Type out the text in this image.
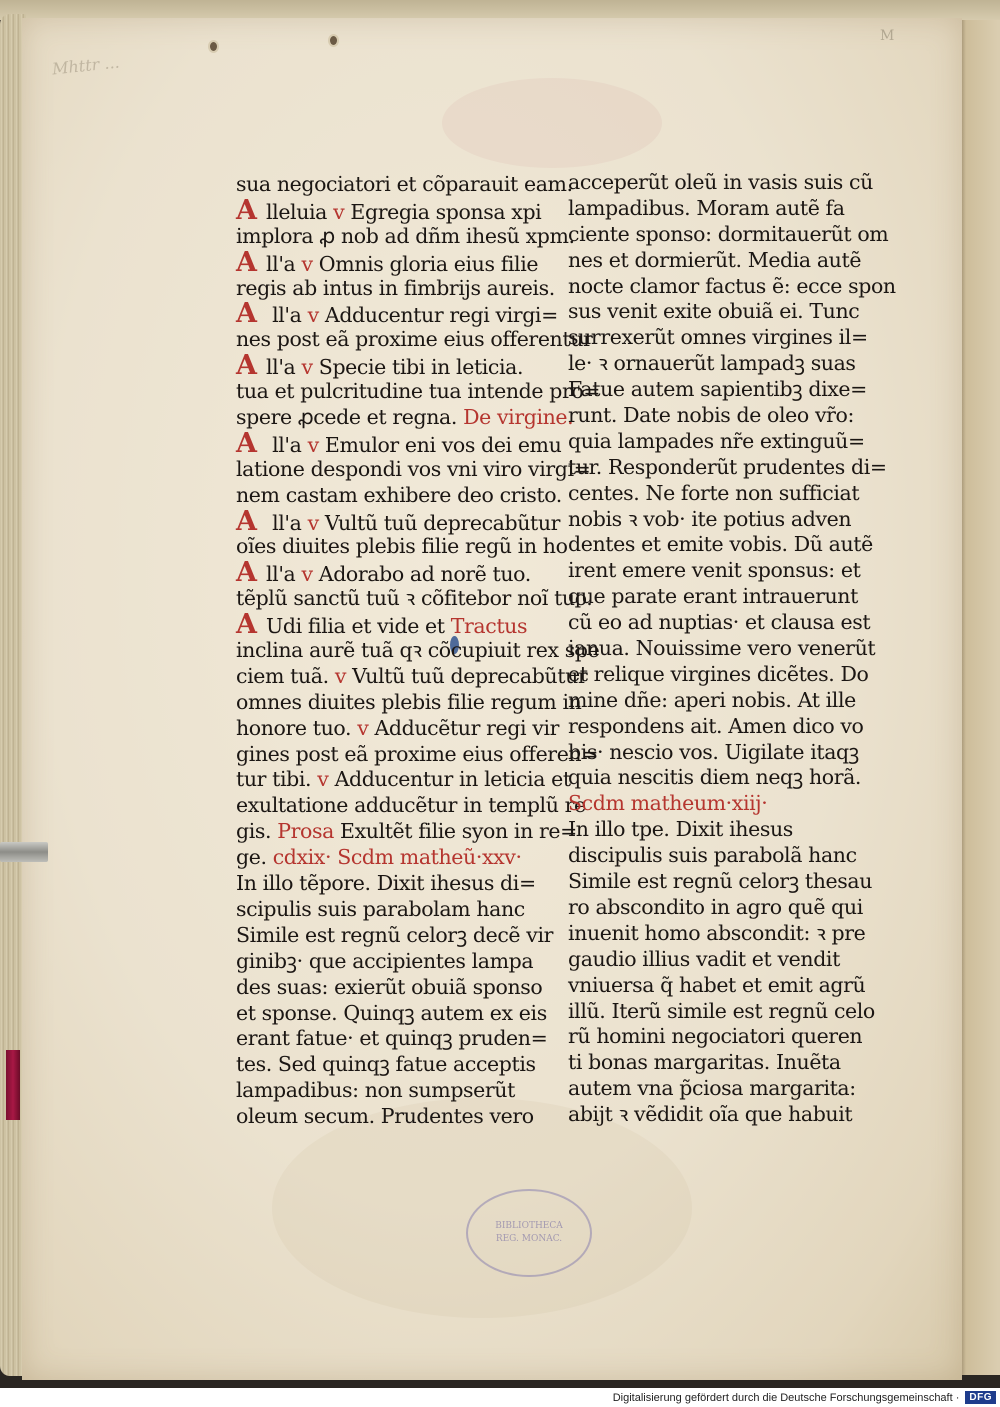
Mhttr ...
M
sua negociatori et cõparauit eam.
A lleluia v Egregia sponsa xpi
implora ꝓ nob ad dñm ihesũ xpm.
A ll'a v Omnis gloria eius filie
regis ab intus in fimbrijs aureis.
A ll'a v Adducentur regi virgi=
nes post eã proxime eius offerentur
A ll'a v Specie tibi in leticia.
tua et pulcritudine tua intende pro=
spere ꝓcede et regna. De virgine.
A ll'a v Emulor eni vos dei emu
latione despondi vos vni viro virgi=
nem castam exhibere deo cristo.
A ll'a v Vultũ tuũ deprecabũtur
oĩes diuites plebis filie regũ in ho
A ll'a v Adorabo ad norẽ tuo.
tẽplũ sanctũ tuũ ꝛ cõfitebor noĩ tuo.
A Udi filia et vide et Tractus
inclina aurẽ tuã qꝛ cõcupiuit rex spe
ciem tuã. v Vultũ tuũ deprecabũtur
omnes diuites plebis filie regum in
honore tuo. v Adducẽtur regi vir
gines post eã proxime eius offeren=
tur tibi. v Adducentur in leticia et
exultatione adducẽtur in templũ re
gis. Prosa Exultẽt filie syon in re=
ge. cdxix· Scdm matheũ·xxv·
In illo tẽpore. Dixit ihesus di=
scipulis suis parabolam hanc
Simile est regnũ celorꝫ decẽ vir
ginibꝫ· que accipientes lampa
des suas: exierũt obuiã sponso
et sponse. Quinqꝫ autem ex eis
erant fatue· et quinqꝫ pruden=
tes. Sed quinqꝫ fatue acceptis
lampadibus: non sumpserũt
oleum secum. Prudentes vero
acceperũt oleũ in vasis suis cũ
lampadibus. Moram autẽ fa
ciente sponso: dormitauerũt om
nes et dormierũt. Media autẽ
nocte clamor factus ẽ: ecce spon
sus venit exite obuiã ei. Tunc
surrexerũt omnes virgines il=
le· ꝛ ornauerũt lampadꝫ suas
Fatue autem sapientibꝫ dixe=
runt. Date nobis de oleo vr̃o:
quia lampades nr̃e extinguũ=
tur. Responderũt prudentes di=
centes. Ne forte non sufficiat
nobis ꝛ vob· ite potius adven
dentes et emite vobis. Dũ autẽ
irent emere venit sponsus: et
que parate erant intrauerunt
cũ eo ad nuptias· et clausa est
ianua. Nouissime vero venerũt
et relique virgines dicẽtes. Do
mine dñe: aperi nobis. At ille
respondens ait. Amen dico vo
bis· nescio vos. Uigilate itaqꝫ
quia nescitis diem neqꝫ horã.
Scdm matheum·xiij·
In illo tpe. Dixit ihesus
discipulis suis parabolã hanc
Simile est regnũ celorꝫ thesau
ro abscondito in agro quẽ qui
inuenit homo abscondit: ꝛ pre
gaudio illius vadit et vendit
vniuersa q̃ habet et emit agrũ
illũ. Iterũ simile est regnũ celo
rũ homini negociatori queren
ti bonas margaritas. Inuẽta
autem vna p̃ciosa margarita:
abijt ꝛ vẽdidit oĩa que habuit
BIBLIOTHECA
REG. MONAC.
Digitalisierung gefördert durch die Deutsche Forschungsgemeinschaft ·	DFG
